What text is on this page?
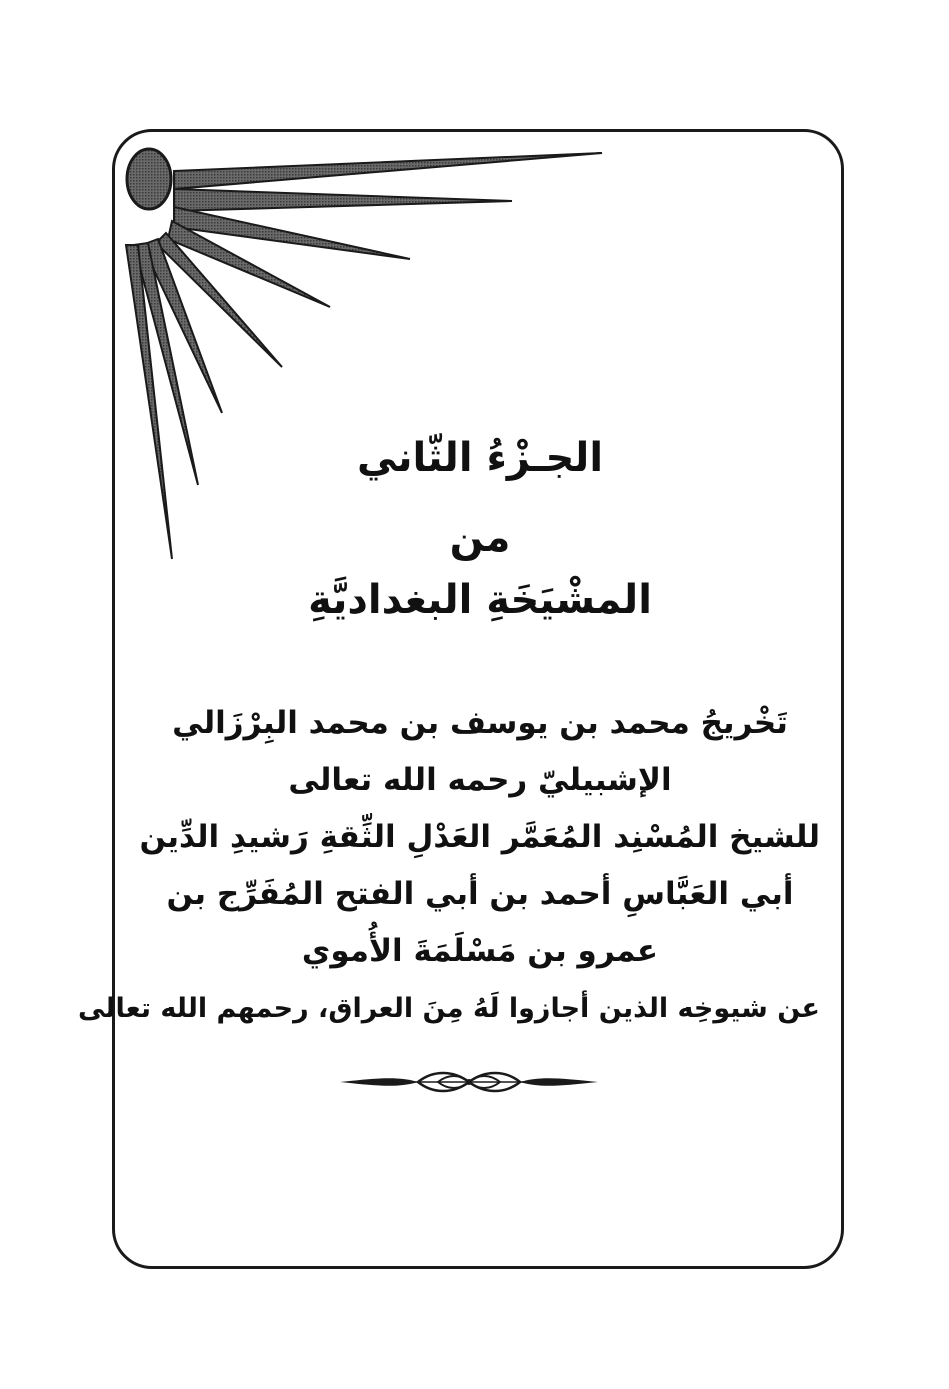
الجـزْءُ الثّاني
من
المشْيَخَةِ البغداديَّةِ
تَخْريجُ محمد بن يوسف بن محمد البِرْزَالي
الإشبيليّ رحمه الله تعالى
للشيخ المُسْنِد المُعَمَّر العَدْلِ الثِّقةِ رَشيدِ الدِّين
أبي العَبَّاسِ أحمد بن أبي الفتح المُفَرِّج بن
عمرو بن مَسْلَمَةَ الأُموي
عن شيوخِه الذين أجازوا لَهُ مِنَ العراق، رحمهم الله تعالى
